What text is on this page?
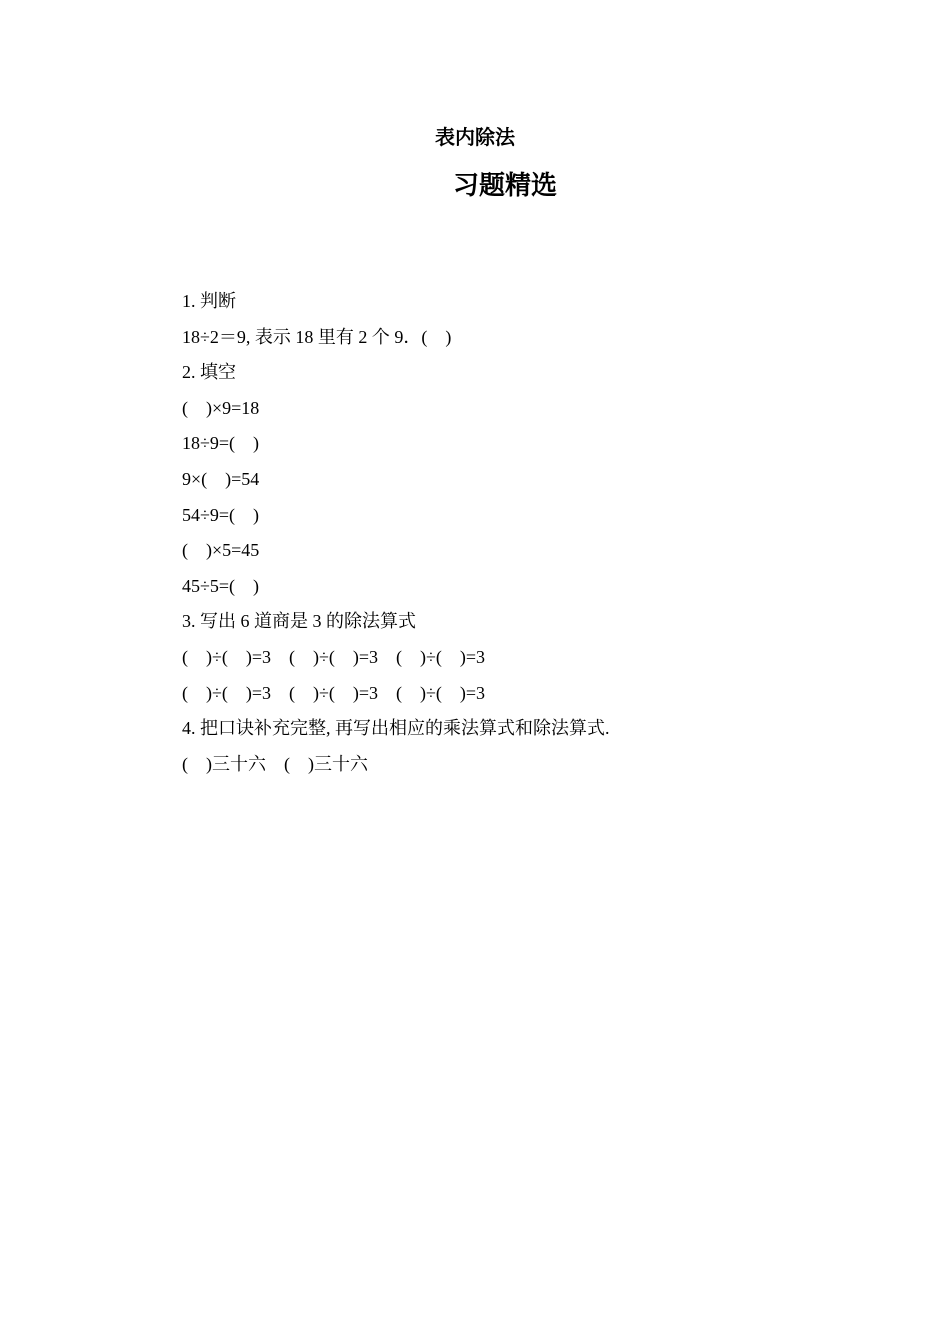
表内除法
习题精选
1. 判断
18÷2＝9, 表示 18 里有 2 个 9．(    )
2. 填空
(    )×9=18
18÷9=(    )
9×(    )=54
54÷9=(    )
(    )×5=45
45÷5=(    )
3. 写出 6 道商是 3 的除法算式
(    )÷(    )=3    (    )÷(    )=3    (    )÷(    )=3
(    )÷(    )=3    (    )÷(    )=3    (    )÷(    )=3
4. 把口诀补充完整, 再写出相应的乘法算式和除法算式.
(    )三十六    (    )三十六
